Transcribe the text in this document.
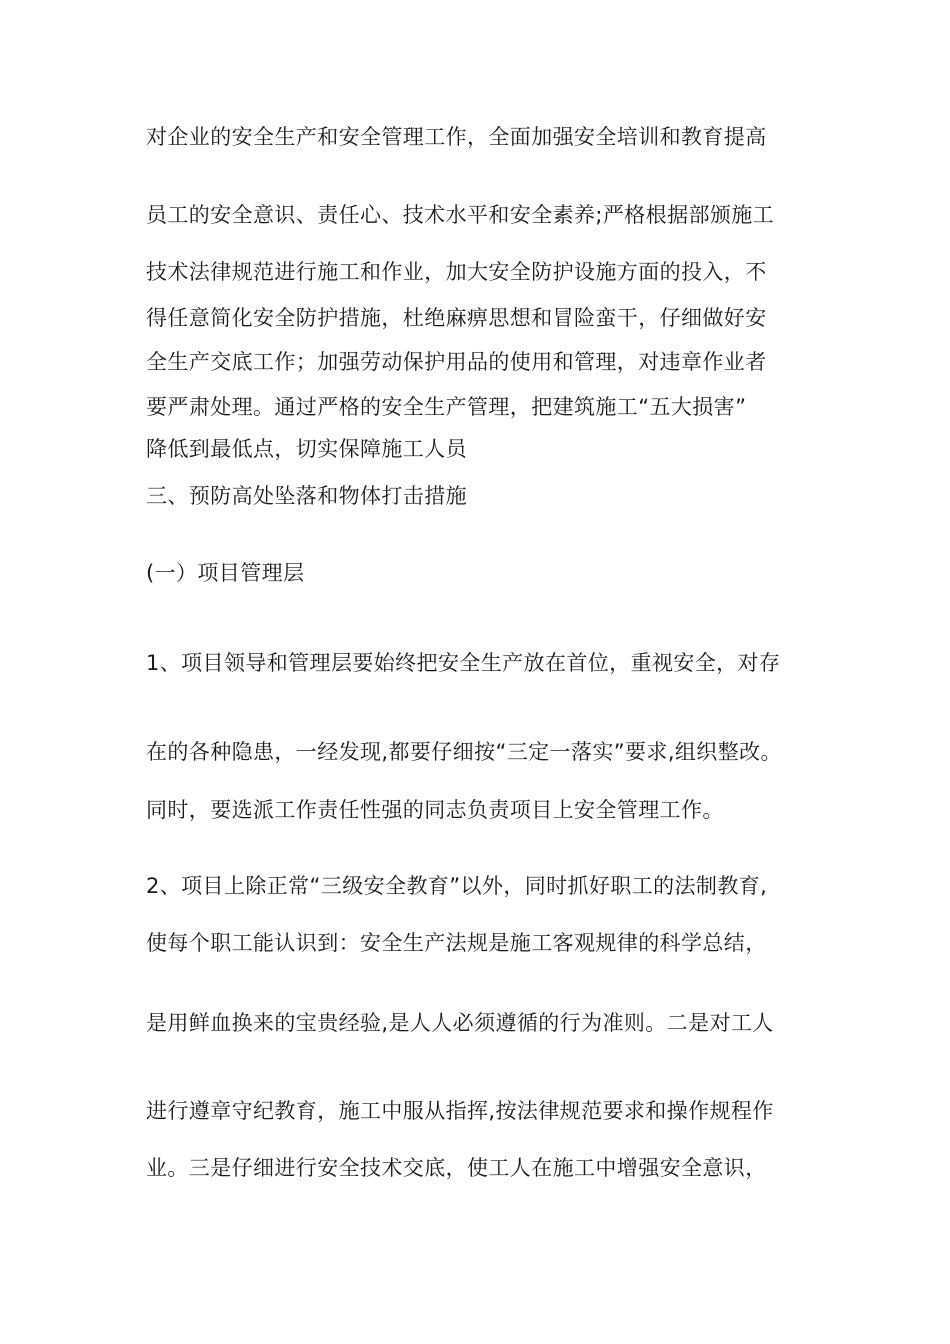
对企业的安全生产和安全管理工作，全面加强安全培训和教育提高
员工的安全意识、责任心、技术水平和安全素养;严格根据部颁施工
技术法律规范进行施工和作业，加大安全防护设施方面的投入，不
得任意简化安全防护措施，杜绝麻痹思想和冒险蛮干，仔细做好安
全生产交底工作；加强劳动保护用品的使用和管理，对违章作业者
要严肃处理。通过严格的安全生产管理，把建筑施工“五大损害”
降低到最低点，切实保障施工人员
三、预防高处坠落和物体打击措施
(一）项目管理层
1、项目领导和管理层要始终把安全生产放在首位，重视安全，对存
在的各种隐患，一经发现,都要仔细按“三定一落实”要求,组织整改。
同时，要选派工作责任性强的同志负责项目上安全管理工作。
2、项目上除正常“三级安全教育”以外，同时抓好职工的法制教育,
使每个职工能认识到：安全生产法规是施工客观规律的科学总结，
是用鲜血换来的宝贵经验,是人人必须遵循的行为准则。二是对工人
进行遵章守纪教育，施工中服从指挥,按法律规范要求和操作规程作
业。三是仔细进行安全技术交底，使工人在施工中增强安全意识，
